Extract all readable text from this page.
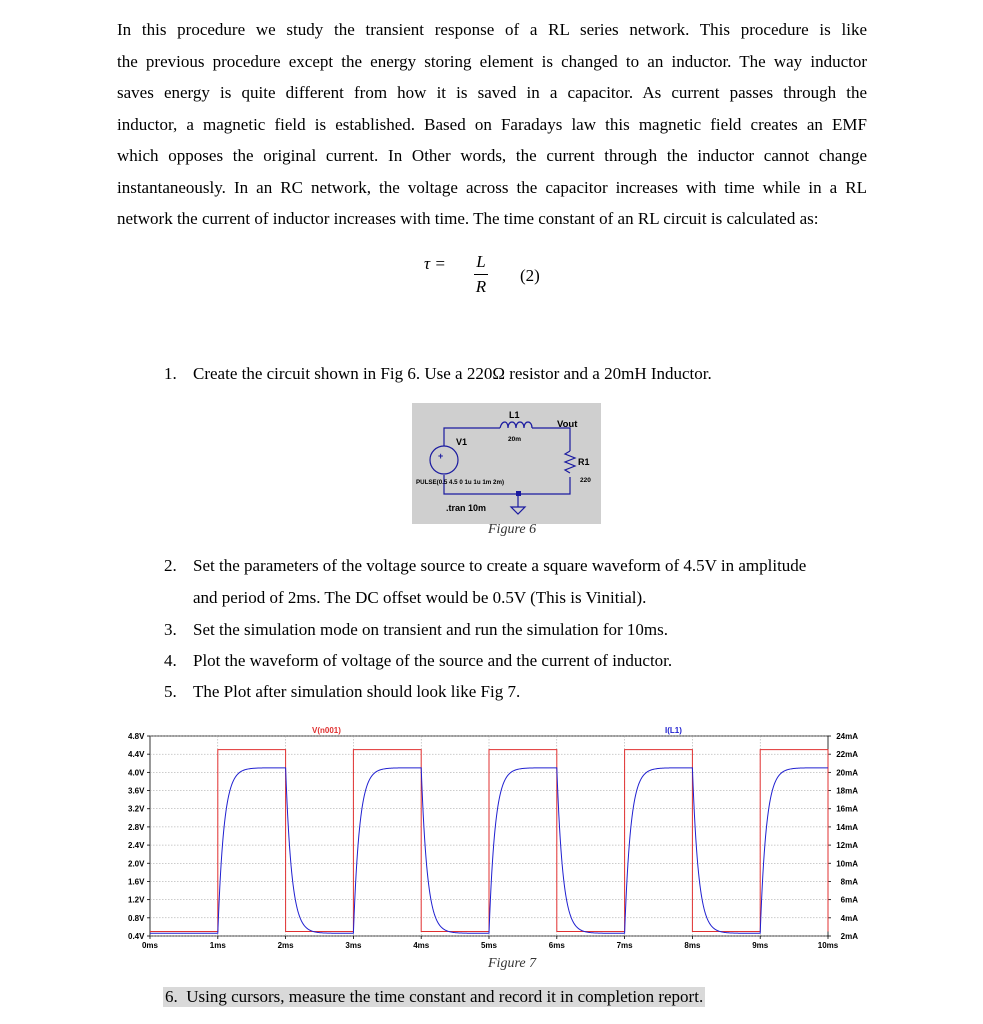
In this procedure we study the transient response of a RL series network. This procedure is like
the previous procedure except the energy storing element is changed to an inductor. The way inductor
saves energy is quite different from how it is saved in a capacitor. As current passes through the
inductor, a magnetic field is established. Based on Faradays law this magnetic field creates an EMF
which opposes the original current. In Other words, the current through the inductor cannot change
instantaneously. In an RC network, the voltage across the capacitor increases with time while in a RL
network the current of inductor increases with time. The time constant of an RL circuit is calculated as:
τ = L
R
(2)
1. Create the circuit shown in Fig 6. Use a 220Ω resistor and a 20mH Inductor.
+
L1
20m
V1
Vout
R1
220
PULSE(0.5 4.5 0 1u 1u 1m 2m)
.tran 10m
Figure 6
2. Set the parameters of the voltage source to create a square waveform of 4.5V in amplitude
and period of 2ms. The DC offset would be 0.5V (This is Vinitial).
3. Set the simulation mode on transient and run the simulation for 10ms.
4. Plot the waveform of voltage of the source and the current of inductor.
5. The Plot after simulation should look like Fig 7.
4.8V
4.4V
4.0V
3.6V
3.2V
2.8V
2.4V
2.0V
1.6V
1.2V
0.8V
0.4V
24mA
22mA
20mA
18mA
16mA
14mA
12mA
10mA
8mA
6mA
4mA
2mA
0ms	1ms	2ms	3ms	4ms	5ms	6ms	7ms	8ms	9ms	10ms
V(n001)	I(L1)
Figure 7
6. Using cursors, measure the time constant and record it in completion report.
